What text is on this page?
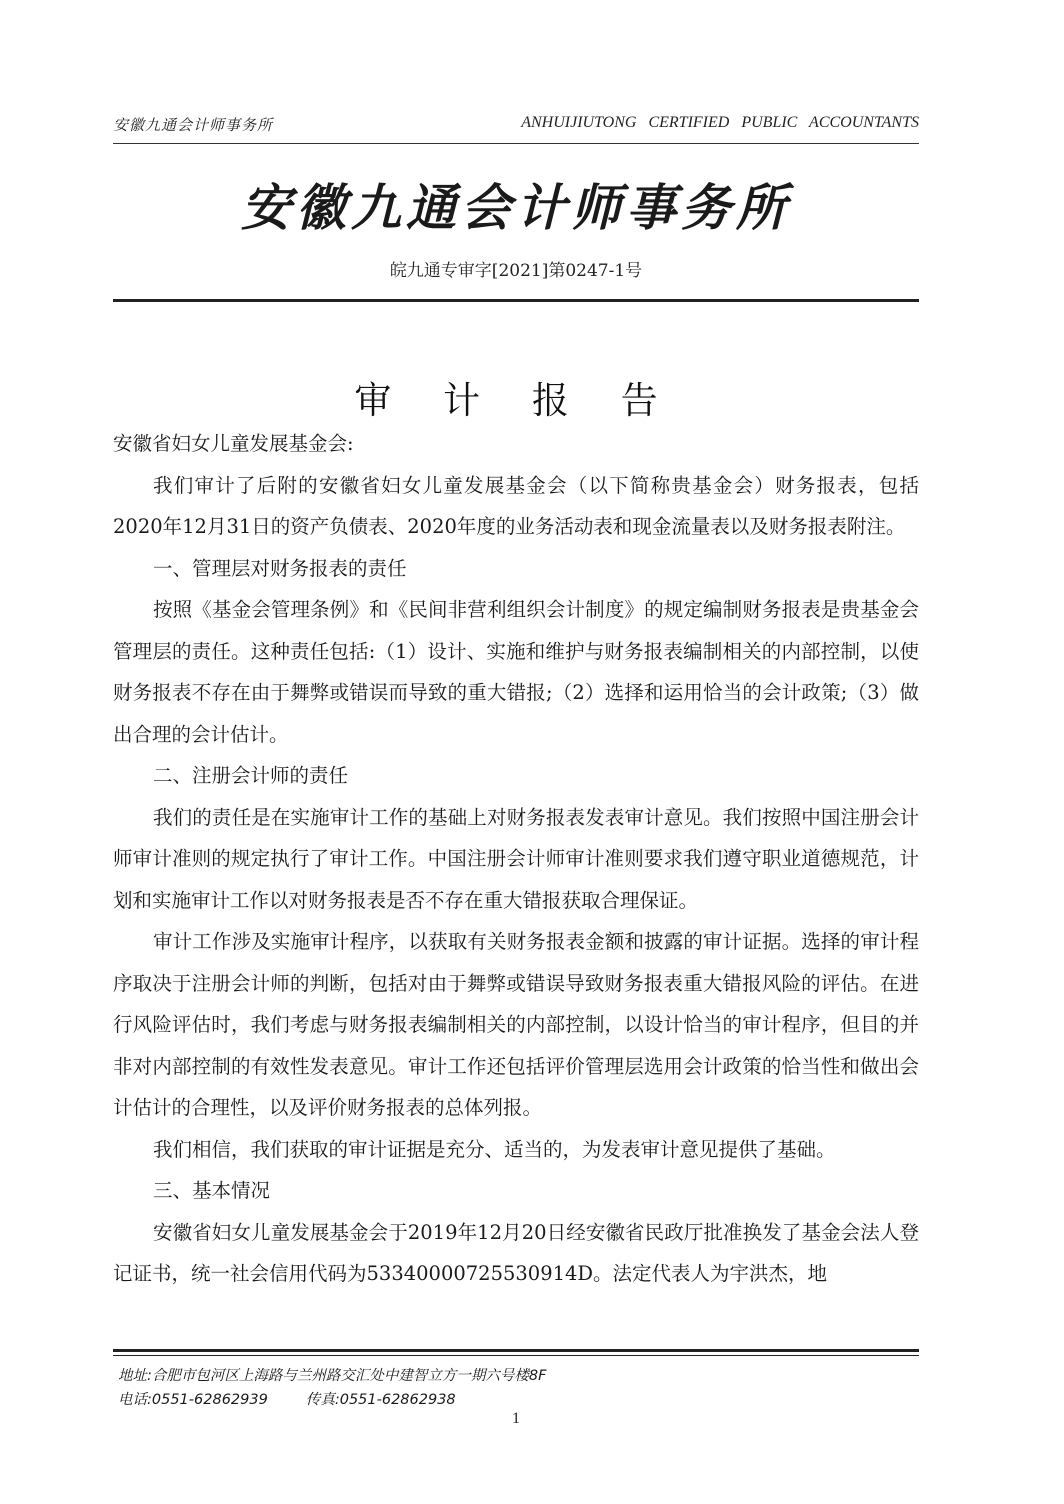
安徽九通会计师事务所	ANHUIJIUTONG CERTIFIED PUBLIC ACCOUNTANTS
安徽九通会计师事务所
皖九通专审字[2021]第0247-1号
审 计 报 告

安徽省妇女儿童发展基金会:

我们审计了后附的安徽省妇女儿童发展基金会（以下简称贵基金会）财务报表，包括2020年12月31日的资产负债表、2020年度的业务活动表和现金流量表以及财务报表附注。

一、管理层对财务报表的责任

按照《基金会管理条例》和《民间非营利组织会计制度》的规定编制财务报表是贵基金会管理层的责任。这种责任包括:（1）设计、实施和维护与财务报表编制相关的内部控制，以使财务报表不存在由于舞弊或错误而导致的重大错报;（2）选择和运用恰当的会计政策;（3）做出合理的会计估计。

二、注册会计师的责任

我们的责任是在实施审计工作的基础上对财务报表发表审计意见。我们按照中国注册会计师审计准则的规定执行了审计工作。中国注册会计师审计准则要求我们遵守职业道德规范，计划和实施审计工作以对财务报表是否不存在重大错报获取合理保证。

审计工作涉及实施审计程序，以获取有关财务报表金额和披露的审计证据。选择的审计程序取决于注册会计师的判断，包括对由于舞弊或错误导致财务报表重大错报风险的评估。在进行风险评估时，我们考虑与财务报表编制相关的内部控制，以设计恰当的审计程序，但目的并非对内部控制的有效性发表意见。审计工作还包括评价管理层选用会计政策的恰当性和做出会计估计的合理性，以及评价财务报表的总体列报。

我们相信，我们获取的审计证据是充分、适当的，为发表审计意见提供了基础。

三、基本情况

安徽省妇女儿童发展基金会于2019年12月20日经安徽省民政厅批准换发了基金会法人登记证书，统一社会信用代码为53340000725530914D。法定代表人为宇洪杰，地

地址:合肥市包河区上海路与兰州路交汇处中建智立方一期六号楼8F
电话:0551-62862939	传真:0551-62862938
1
